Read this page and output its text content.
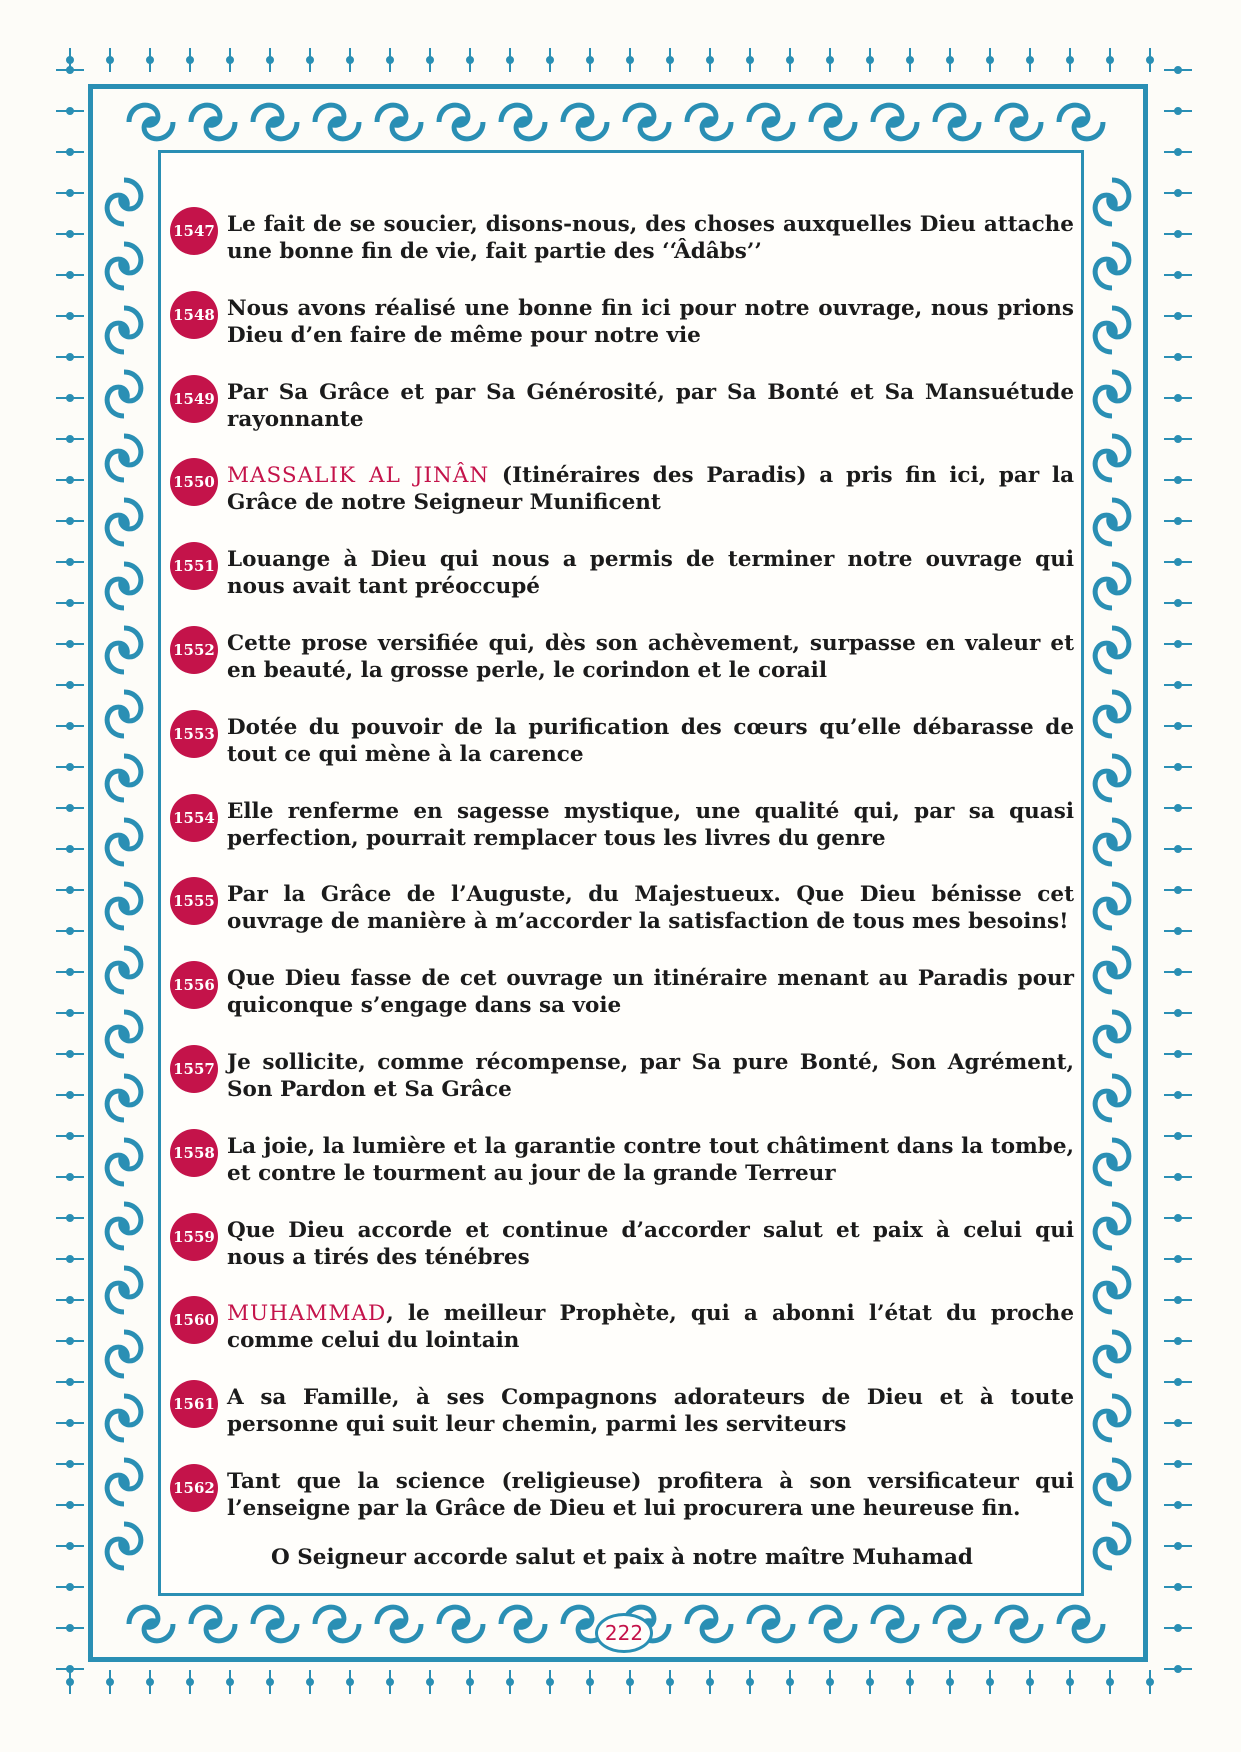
1547 Le fait de se soucier, disons-nous, des choses auxquelles Dieu attache une bonne fin de vie, fait partie des ‘‘Âdâbs’’
1548 Nous avons réalisé une bonne fin ici pour notre ouvrage, nous prions Dieu d’en faire de même pour notre vie
1549 Par Sa Grâce et par Sa Générosité, par Sa Bonté et Sa Mansuétude rayonnante
1550 MASSALIK AL JINÂN (Itinéraires des Paradis) a pris fin ici, par la Grâce de notre Seigneur Munificent
1551 Louange à Dieu qui nous a permis de terminer notre ouvrage qui nous avait tant préoccupé
1552 Cette prose versifiée qui, dès son achèvement, surpasse en valeur et en beauté, la grosse perle, le corindon et le corail
1553 Dotée du pouvoir de la purification des cœurs qu’elle débarasse de tout ce qui mène à la carence
1554 Elle renferme en sagesse mystique, une qualité qui, par sa quasi perfection, pourrait remplacer tous les livres du genre
1555 Par la Grâce de l’Auguste, du Majestueux. Que Dieu bénisse cet ouvrage de manière à m’accorder la satisfaction de tous mes besoins!
1556 Que Dieu fasse de cet ouvrage un itinéraire menant au Paradis pour quiconque s’engage dans sa voie
1557 Je sollicite, comme récompense, par Sa pure Bonté, Son Agrément, Son Pardon et Sa Grâce
1558 La joie, la lumière et la garantie contre tout châtiment dans la tombe, et contre le tourment au jour de la grande Terreur
1559 Que Dieu accorde et continue d’accorder salut et paix à celui qui nous a tirés des ténébres
1560 MUHAMMAD, le meilleur Prophète, qui a abonni l’état du proche comme celui du lointain
1561 A sa Famille, à ses Compagnons adorateurs de Dieu et à toute personne qui suit leur chemin, parmi les serviteurs
1562 Tant que la science (religieuse) profitera à son versificateur qui l’enseigne par la Grâce de Dieu et lui procurera une heureuse fin.
O Seigneur accorde salut et paix à notre maître Muhamad
222
